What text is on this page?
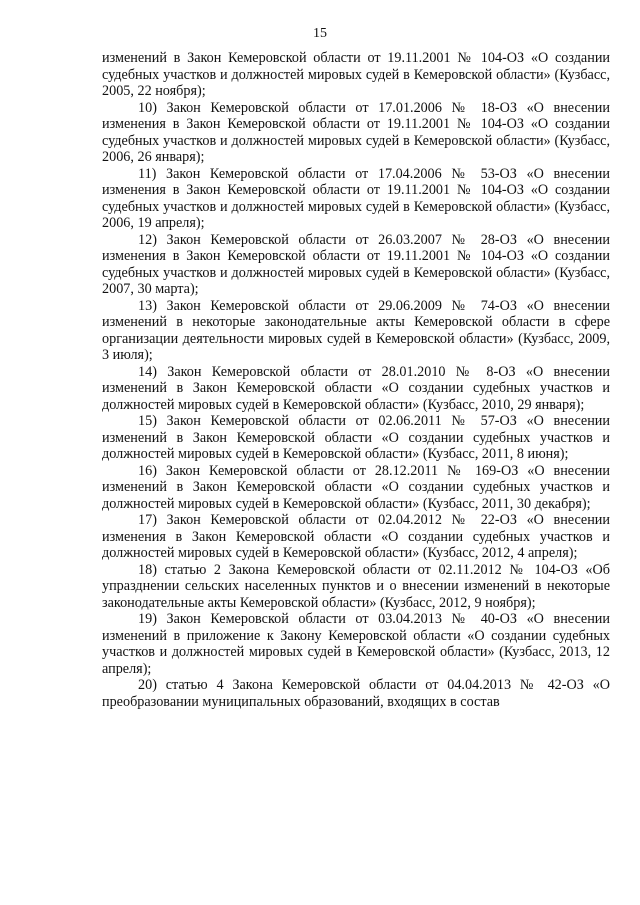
15

изменений в Закон Кемеровской области от 19.11.2001 № 104-ОЗ «О создании судебных участков и должностей мировых судей в Кемеровской области» (Кузбасс, 2005, 22 ноября);

10) Закон Кемеровской области от 17.01.2006 № 18-ОЗ «О внесении изменения в Закон Кемеровской области от 19.11.2001 № 104-ОЗ «О создании судебных участков и должностей мировых судей в Кемеровской области» (Кузбасс, 2006, 26 января);

11) Закон Кемеровской области от 17.04.2006 № 53-ОЗ «О внесении изменения в Закон Кемеровской области от 19.11.2001 № 104-ОЗ «О создании судебных участков и должностей мировых судей в Кемеровской области» (Кузбасс, 2006, 19 апреля);

12) Закон Кемеровской области от 26.03.2007 № 28-ОЗ «О внесении изменения в Закон Кемеровской области от 19.11.2001 № 104-ОЗ «О создании судебных участков и должностей мировых судей в Кемеровской области» (Кузбасс, 2007, 30 марта);

13) Закон Кемеровской области от 29.06.2009 № 74-ОЗ «О внесении изменений в некоторые законодательные акты Кемеровской области в сфере организации деятельности мировых судей в Кемеровской области» (Кузбасс, 2009, 3 июля);

14) Закон Кемеровской области от 28.01.2010 № 8-ОЗ «О внесении изменений в Закон Кемеровской области «О создании судебных участков и должностей мировых судей в Кемеровской области» (Кузбасс, 2010, 29 января);

15) Закон Кемеровской области от 02.06.2011 № 57-ОЗ «О внесении изменений в Закон Кемеровской области «О создании судебных участков и должностей мировых судей в Кемеровской области» (Кузбасс, 2011, 8 июня);

16) Закон Кемеровской области от 28.12.2011 № 169-ОЗ «О внесении изменений в Закон Кемеровской области «О создании судебных участков и должностей мировых судей в Кемеровской области» (Кузбасс, 2011, 30 декабря);

17) Закон Кемеровской области от 02.04.2012 № 22-ОЗ «О внесении изменения в Закон Кемеровской области «О создании судебных участков и должностей мировых судей в Кемеровской области» (Кузбасс, 2012, 4 апреля);

18) статью 2 Закона Кемеровской области от 02.11.2012 № 104-ОЗ «Об упразднении сельских населенных пунктов и о внесении изменений в некоторые законодательные акты Кемеровской области» (Кузбасс, 2012, 9 ноября);

19) Закон Кемеровской области от 03.04.2013 № 40-ОЗ «О внесении изменений в приложение к Закону Кемеровской области «О создании судебных участков и должностей мировых судей в Кемеровской области» (Кузбасс, 2013, 12 апреля);

20) статью 4 Закона Кемеровской области от 04.04.2013 № 42-ОЗ «О преобразовании муниципальных образований, входящих в состав
